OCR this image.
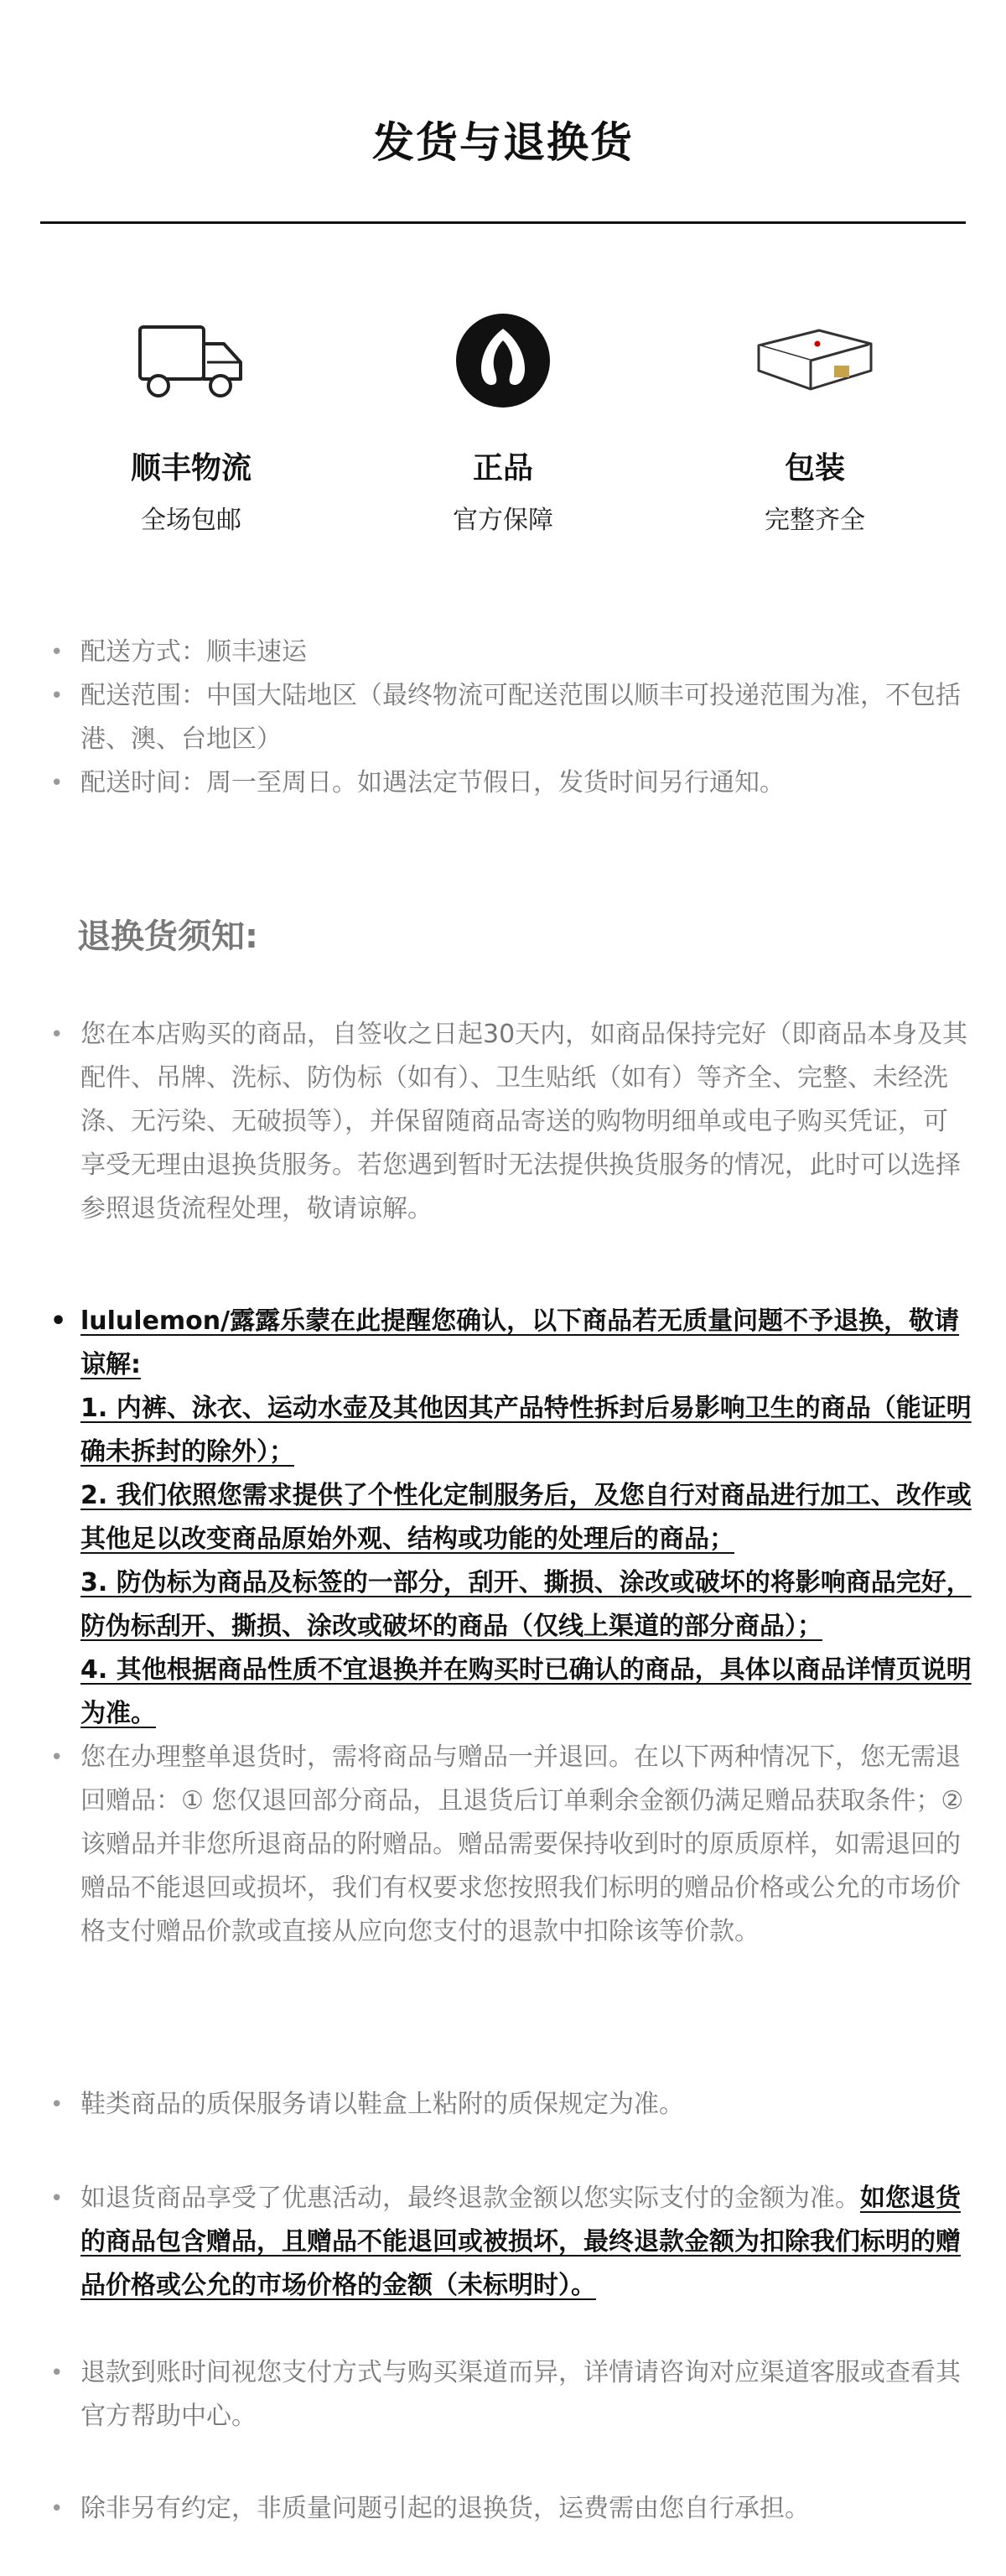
发货与退换货
顺丰物流
全场包邮
正品
官方保障
包装
完整齐全
• 配送方式：顺丰速运
• 配送范围：中国大陆地区（最终物流可配送范围以顺丰可投递范围为准，不包括港、澳、台地区）
• 配送时间：周一至周日。如遇法定节假日，发货时间另行通知。
退换货须知:
• 您在本店购买的商品，自签收之日起30天内，如商品保持完好（即商品本身及其配件、吊牌、洗标、防伪标（如有）、卫生贴纸（如有）等齐全、完整、未经洗涤、无污染、无破损等），并保留随商品寄送的购物明细单或电子购买凭证，可享受无理由退换货服务。若您遇到暂时无法提供换货服务的情况，此时可以选择参照退货流程处理，敬请谅解。
• lululemon/露露乐蒙在此提醒您确认，以下商品若无质量问题不予退换，敬请谅解:
1. 内裤、泳衣、运动水壶及其他因其产品特性拆封后易影响卫生的商品（能证明确未拆封的除外）；
2. 我们依照您需求提供了个性化定制服务后，及您自行对商品进行加工、改作或其他足以改变商品原始外观、结构或功能的处理后的商品；
3. 防伪标为商品及标签的一部分，刮开、撕损、涂改或破坏的将影响商品完好，防伪标刮开、撕损、涂改或破坏的商品（仅线上渠道的部分商品）；
4. 其他根据商品性质不宜退换并在购买时已确认的商品，具体以商品详情页说明为准。
• 您在办理整单退货时，需将商品与赠品一并退回。在以下两种情况下，您无需退回赠品：① 您仅退回部分商品，且退货后订单剩余金额仍满足赠品获取条件；② 该赠品并非您所退商品的附赠品。赠品需要保持收到时的原质原样，如需退回的赠品不能退回或损坏，我们有权要求您按照我们标明的赠品价格或公允的市场价格支付赠品价款或直接从应向您支付的退款中扣除该等价款。
• 鞋类商品的质保服务请以鞋盒上粘附的质保规定为准。
• 如退货商品享受了优惠活动，最终退款金额以您实际支付的金额为准。如您退货的商品包含赠品，且赠品不能退回或被损坏，最终退款金额为扣除我们标明的赠品价格或公允的市场价格的金额（未标明时）。
• 退款到账时间视您支付方式与购买渠道而异，详情请咨询对应渠道客服或查看其官方帮助中心。
• 除非另有约定，非质量问题引起的退换货，运费需由您自行承担。
